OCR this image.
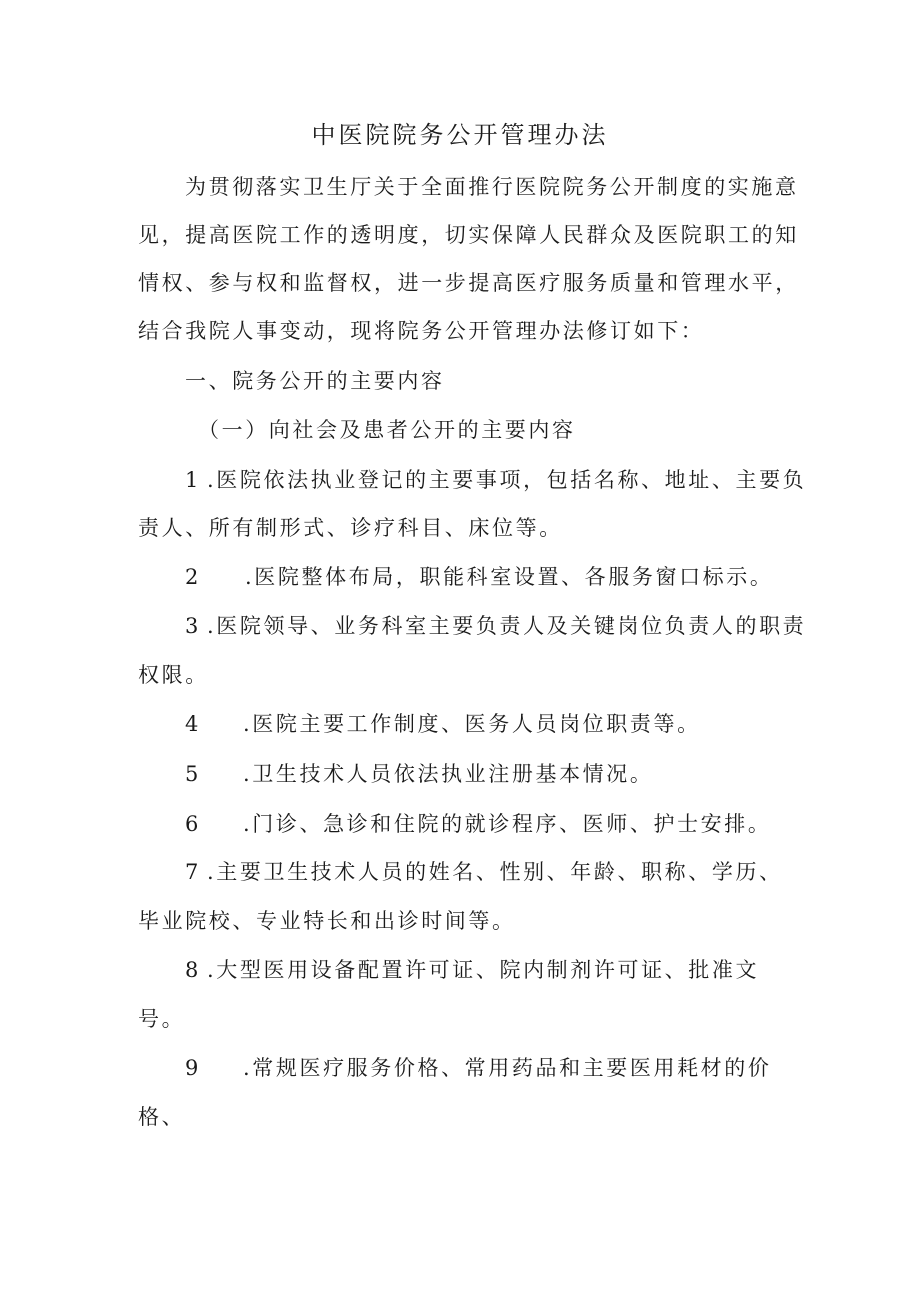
中医院院务公开管理办法
为贯彻落实卫生厅关于全面推行医院院务公开制度的实施意
见，提高医院工作的透明度，切实保障人民群众及医院职工的知
情权、参与权和监督权，进一步提高医疗服务质量和管理水平，
结合我院人事变动，现将院务公开管理办法修订如下：
一、院务公开的主要内容
（一）向社会及患者公开的主要内容
1 .医院依法执业登记的主要事项，包括名称、地址、主要负
责人、所有制形式、诊疗科目、床位等。
2 .医院整体布局，职能科室设置、各服务窗口标示。
3 .医院领导、业务科室主要负责人及关键岗位负责人的职责
权限。
4 .医院主要工作制度、医务人员岗位职责等。
5 .卫生技术人员依法执业注册基本情况。
6 .门诊、急诊和住院的就诊程序、医师、护士安排。
7 .主要卫生技术人员的姓名、性别、年龄、职称、学历、
毕业院校、专业特长和出诊时间等。
8 .大型医用设备配置许可证、院内制剂许可证、批准文
号。
9 .常规医疗服务价格、常用药品和主要医用耗材的价
格、
